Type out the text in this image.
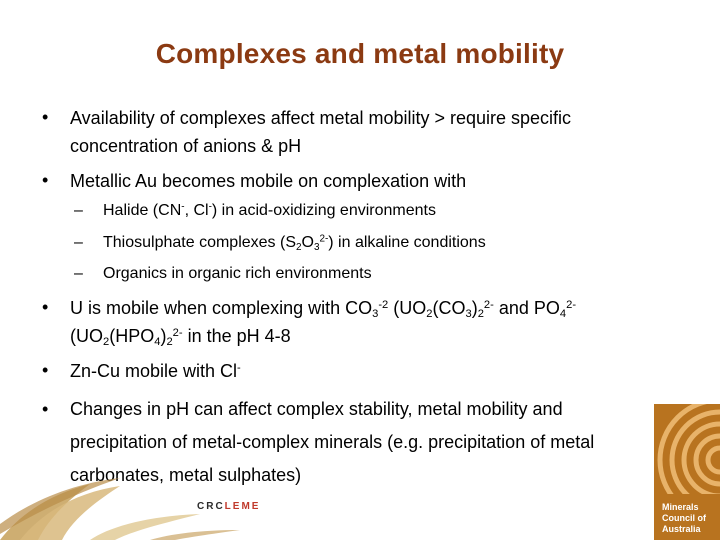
Complexes and metal mobility
• Availability of complexes affect metal mobility > require specific
concentration of anions & pH
• Metallic Au becomes mobile on complexation with
– Halide (CN-, Cl-) in acid-oxidizing environments
– Thiosulphate complexes $(S_2O_3^{2-})$ in alkaline conditions
– Organics in organic rich environments
• U is mobile when complexing with $CO_3^{-2}$ ($UO_2(CO_3)_2^{2-}$ and $PO_4^{2-}$
($UO_2(HPO_4)_2^{2-}$ in the pH 4-8
• Zn-Cu mobile with Cl-
• Changes in pH can affect complex stability, metal mobility and
precipitation of metal-complex minerals (e.g. precipitation of metal
carbonates, metal sulphates)
CRCLEME	Minerals
Council of
Australia
